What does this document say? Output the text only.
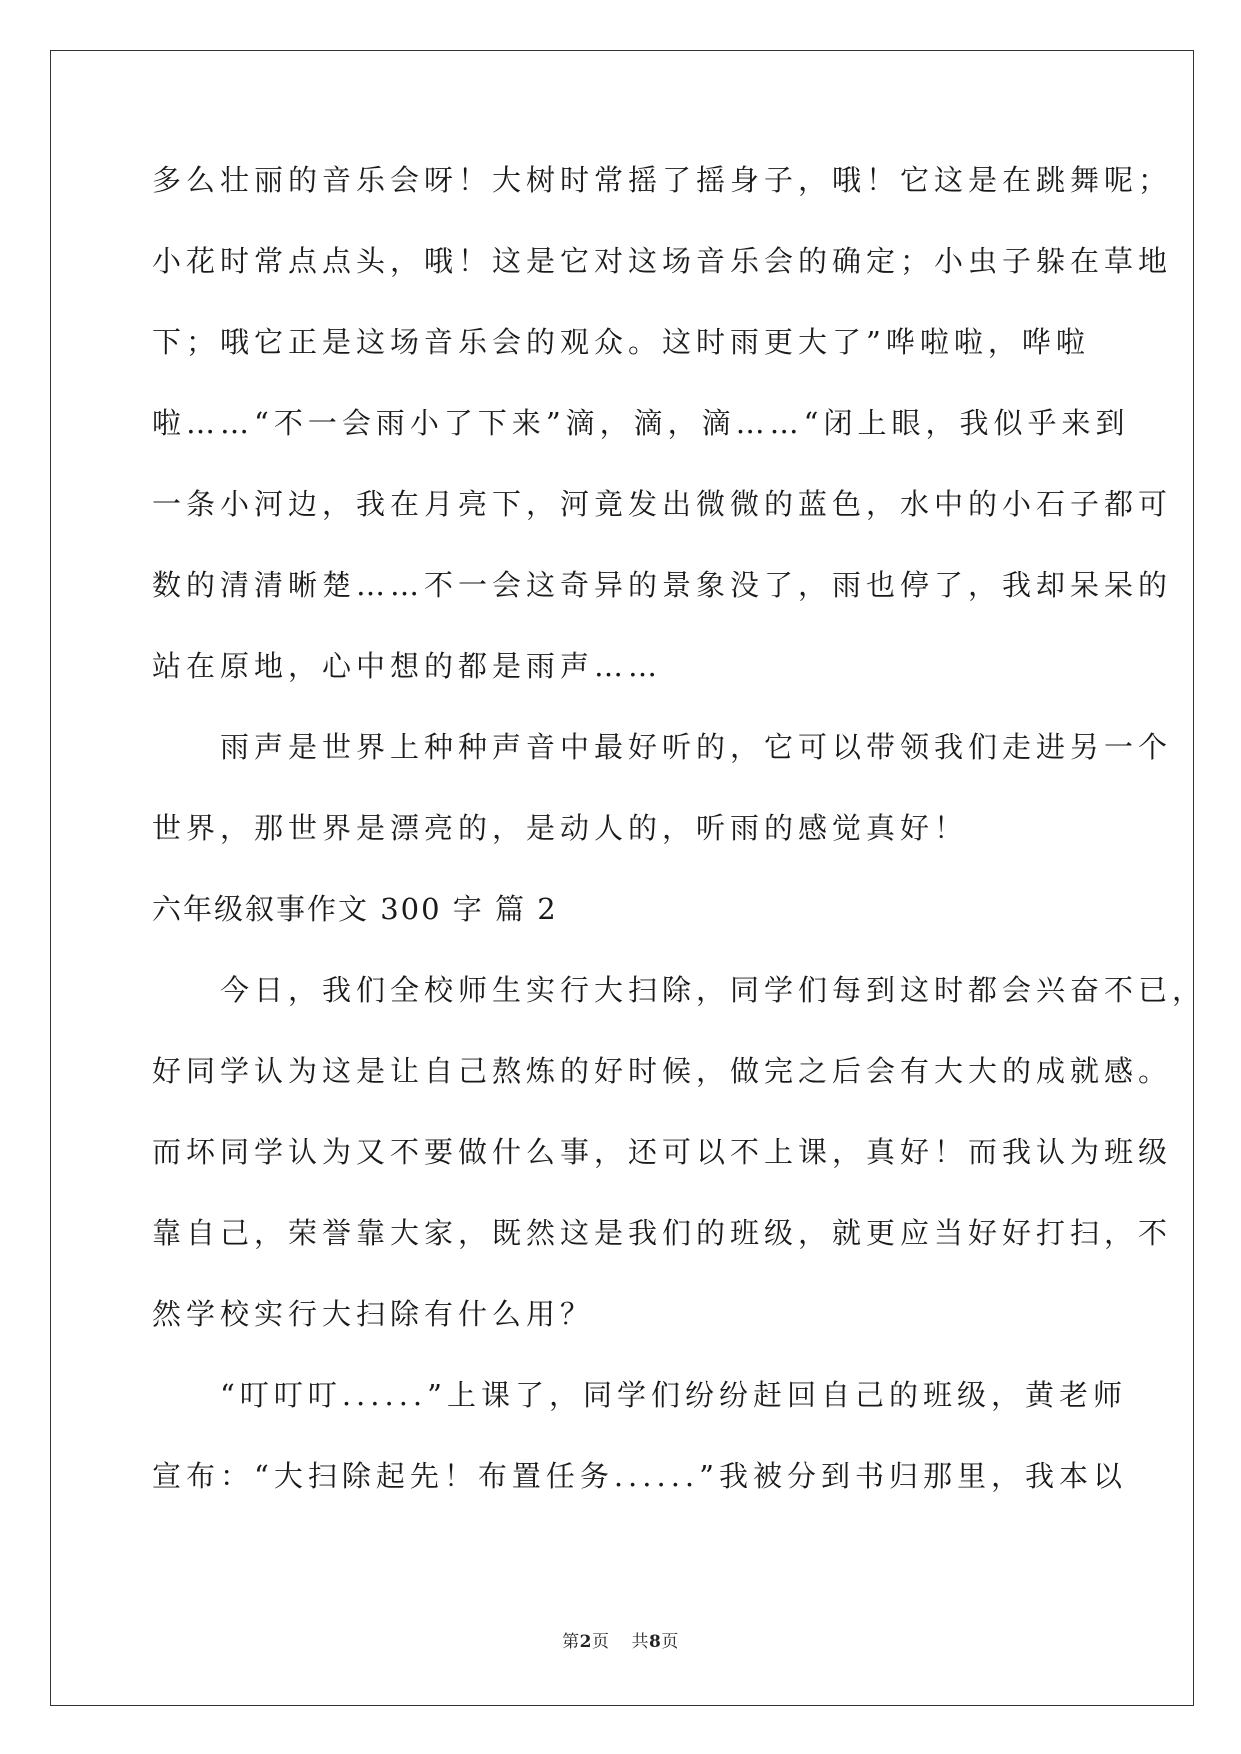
多么壮丽的音乐会呀！大树时常摇了摇身子，哦！它这是在跳舞呢；
小花时常点点头，哦！这是它对这场音乐会的确定；小虫子躲在草地
下；哦它正是这场音乐会的观众。这时雨更大了”哗啦啦，哗啦
啦……“不一会雨小了下来”滴，滴，滴……“闭上眼，我似乎来到
一条小河边，我在月亮下，河竟发出微微的蓝色，水中的小石子都可
数的清清晰楚……不一会这奇异的景象没了，雨也停了，我却呆呆的
站在原地，心中想的都是雨声……
　　雨声是世界上种种声音中最好听的，它可以带领我们走进另一个
世界，那世界是漂亮的，是动人的，听雨的感觉真好！
六年级叙事作文 300 字 篇 2
　　今日，我们全校师生实行大扫除，同学们每到这时都会兴奋不已，
好同学认为这是让自己熬炼的好时候，做完之后会有大大的成就感。
而坏同学认为又不要做什么事，还可以不上课，真好！而我认为班级
靠自己，荣誉靠大家，既然这是我们的班级，就更应当好好打扫，不
然学校实行大扫除有什么用？
　　“叮叮叮......”上课了，同学们纷纷赶回自己的班级，黄老师
宣布：“大扫除起先！布置任务......”我被分到书归那里，我本以
第2页 共8页
